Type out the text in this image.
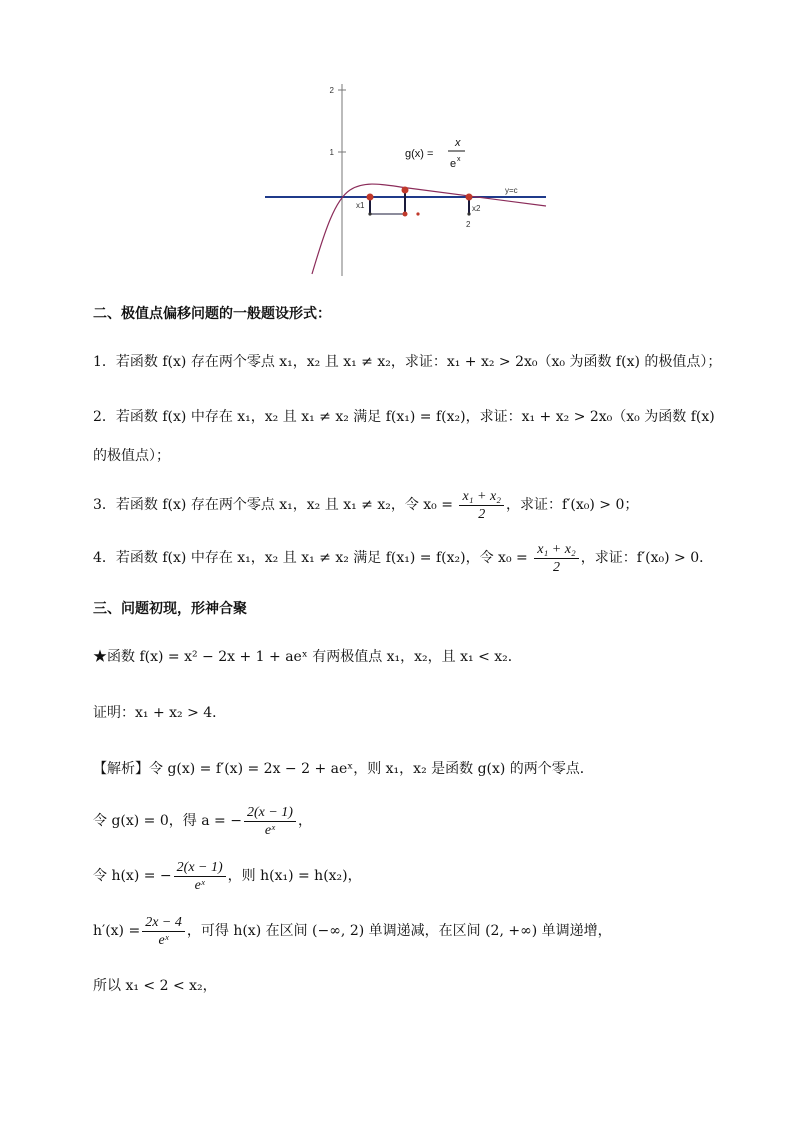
2
1
y=c
x1	x2
2
g(x) =
x
e x
二、极值点偏移问题的一般题设形式：
1．若函数 f(x) 存在两个零点 x₁，x₂ 且 x₁ ≠ x₂，求证：x₁ + x₂ > 2x₀（x₀ 为函数 f(x) 的极值点）；
2．若函数 f(x) 中存在 x₁，x₂ 且 x₁ ≠ x₂ 满足 f(x₁) = f(x₂)，求证：x₁ + x₂ > 2x₀（x₀ 为函数 f(x)
的极值点）；
3．若函数 f(x) 存在两个零点 x₁，x₂ 且 x₁ ≠ x₂，令 $x_0 = \frac{\text{x₁ + x₂}}{2}$ ，求证：f′(x₀) > 0；
4．若函数 f(x) 中存在 x₁，x₂ 且 x₁ ≠ x₂ 满足 f(x₁) = f(x₂)，令 $x_0 = \frac{\text{x₁ + x₂}}{2}$ ，求证：f′(x₀) > 0．
三、问题初现，形神合聚
★函数 f(x) = x² − 2x + 1 + aeˣ 有两极值点 x₁，x₂，且 x₁ < x₂．
证明：x₁ + x₂ > 4．
【解析】令 g(x) = f′(x) = 2x − 2 + aeˣ，则 x₁，x₂ 是函数 g(x) 的两个零点．
令 g(x) = 0，得 a = − $\frac{2(x - 1)}{\text{eˣ}}$ ，
令 h(x) = − $\frac{2(x - 1)}{\text{eˣ}}$ ，则 h(x₁) = h(x₂)，
$h'(x) = \frac{2x - 4}{\text{eˣ}}$ ，可得 h(x) 在区间 (−∞, 2) 单调递减，在区间 (2, +∞) 单调递增，
所以 x₁ < 2 < x₂，
